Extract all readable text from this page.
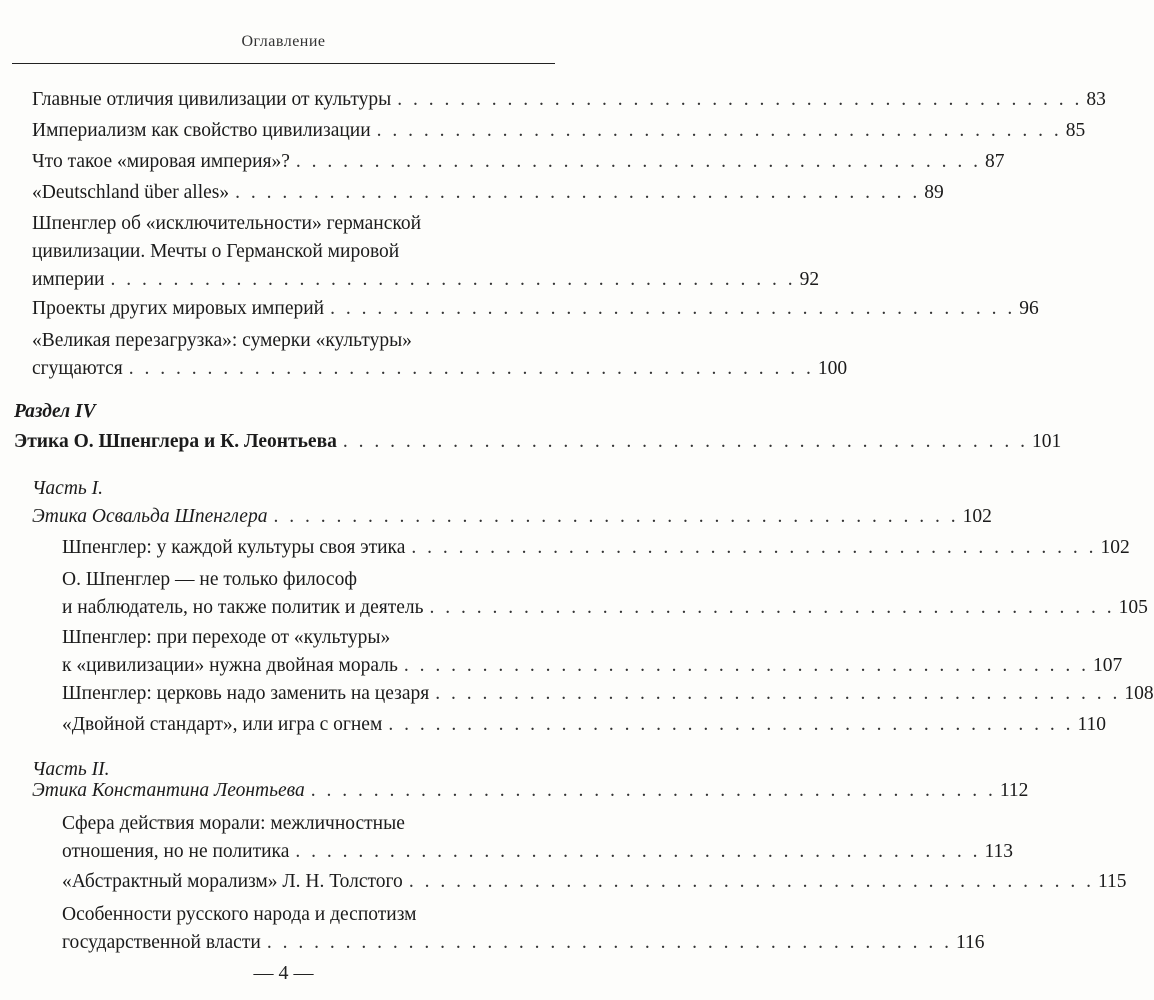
Оглавление
Главные отличия цивилизации от культуры . . . . . . . . . . . . . . . . . . . . . . . . . . . . . . . . . . . . . . . . . . . . 83
Империализм как свойство цивилизации . . . . . . . . . . . . . . . . . . . . . . . . . . . . . . . . . . . . . . . . . . . . 85
Что такое «мировая империя»? . . . . . . . . . . . . . . . . . . . . . . . . . . . . . . . . . . . . . . . . . . . . 87
«Deutschland über alles» . . . . . . . . . . . . . . . . . . . . . . . . . . . . . . . . . . . . . . . . . . . . 89
Шпенглер об «исключительности» германской
цивилизации. Мечты о Германской мировой
империи . . . . . . . . . . . . . . . . . . . . . . . . . . . . . . . . . . . . . . . . . . . . 92
Проекты других мировых империй . . . . . . . . . . . . . . . . . . . . . . . . . . . . . . . . . . . . . . . . . . . . 96
«Великая перезагрузка»: сумерки «культуры»
сгущаются . . . . . . . . . . . . . . . . . . . . . . . . . . . . . . . . . . . . . . . . . . . . 100
Раздел IV
Этика О. Шпенглера и К. Леонтьева . . . . . . . . . . . . . . . . . . . . . . . . . . . . . . . . . . . . . . . . . . . . 101
Часть I.
Этика Освальда Шпенглера . . . . . . . . . . . . . . . . . . . . . . . . . . . . . . . . . . . . . . . . . . . . 102
Шпенглер: у каждой культуры своя этика . . . . . . . . . . . . . . . . . . . . . . . . . . . . . . . . . . . . . . . . . . . . 102
О. Шпенглер — не только философ
и наблюдатель, но также политик и деятель . . . . . . . . . . . . . . . . . . . . . . . . . . . . . . . . . . . . . . . . . . . . 105
Шпенглер: при переходе от «культуры»
к «цивилизации» нужна двойная мораль . . . . . . . . . . . . . . . . . . . . . . . . . . . . . . . . . . . . . . . . . . . . 107
Шпенглер: церковь надо заменить на цезаря . . . . . . . . . . . . . . . . . . . . . . . . . . . . . . . . . . . . . . . . . . . . 108
«Двойной стандарт», или игра с огнем . . . . . . . . . . . . . . . . . . . . . . . . . . . . . . . . . . . . . . . . . . . . 110
Часть II.
Этика Константина Леонтьева . . . . . . . . . . . . . . . . . . . . . . . . . . . . . . . . . . . . . . . . . . . . 112
Сфера действия морали: межличностные
отношения, но не политика . . . . . . . . . . . . . . . . . . . . . . . . . . . . . . . . . . . . . . . . . . . . 113
«Абстрактный морализм» Л. Н. Толстого . . . . . . . . . . . . . . . . . . . . . . . . . . . . . . . . . . . . . . . . . . . . 115
Особенности русского народа и деспотизм
государственной власти . . . . . . . . . . . . . . . . . . . . . . . . . . . . . . . . . . . . . . . . . . . . 116
— 4 —
